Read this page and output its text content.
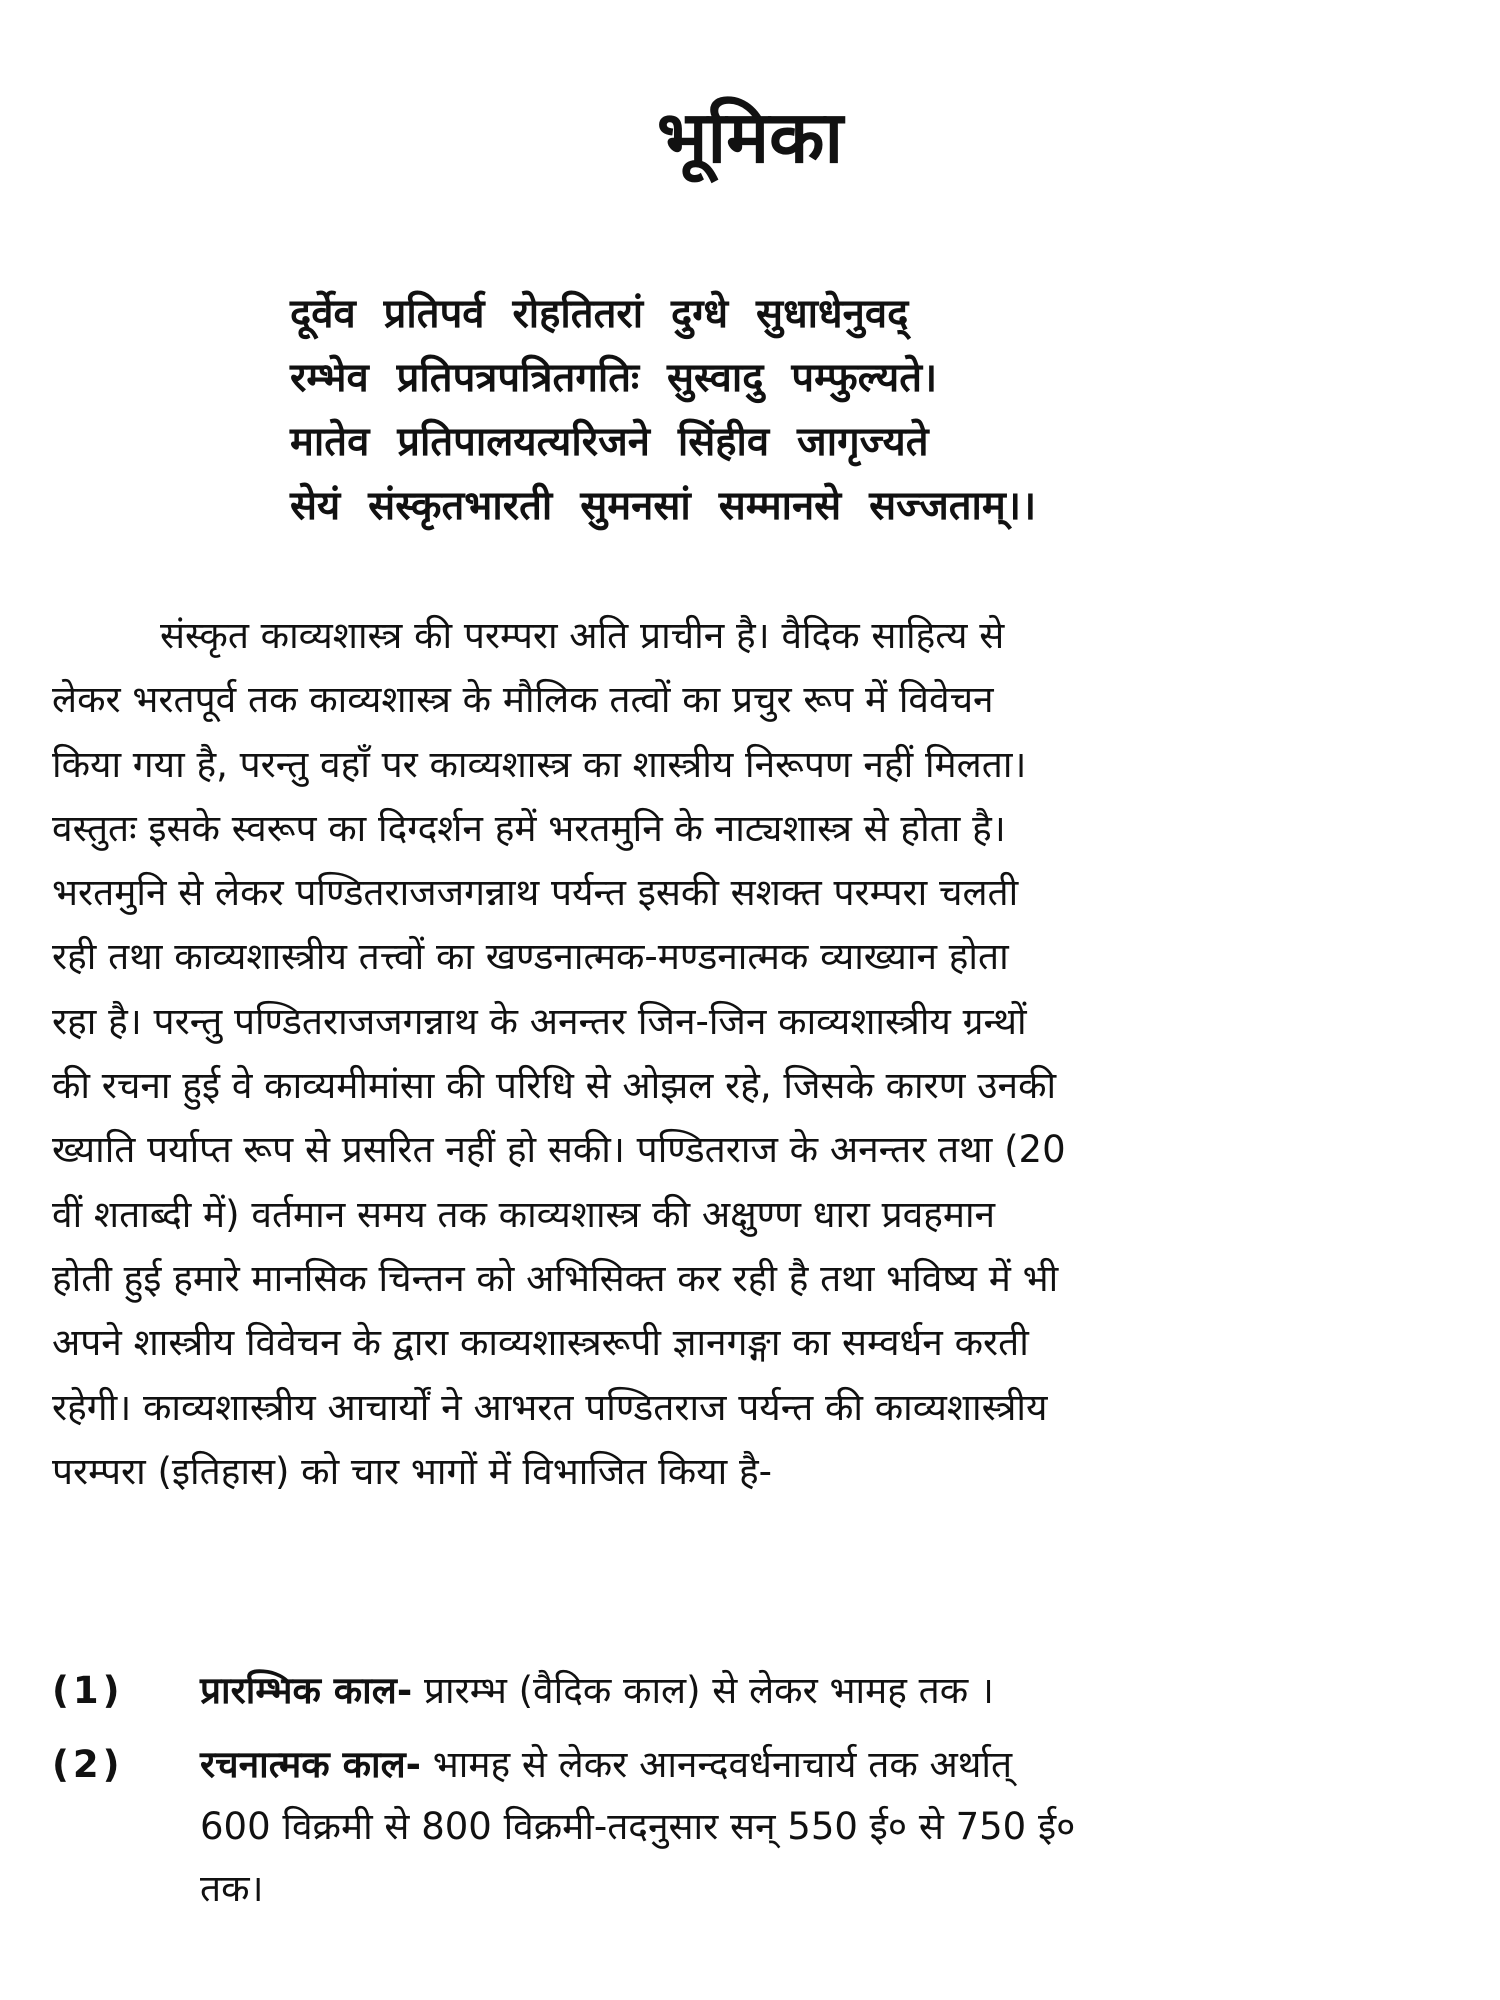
भूमिका
दूर्वेव प्रतिपर्व रोहतितरां दुग्धे सुधाधेनुवद्
रम्भेव प्रतिपत्रपत्रितगतिः सुस्वादु पम्फुल्यते।
मातेव प्रतिपालयत्यरिजने सिंहीव जागृज्यते
सेयं संस्कृतभारती सुमनसां सम्मानसे सज्जताम्।।
संस्कृत काव्यशास्त्र की परम्परा अति प्राचीन है। वैदिक साहित्य से
लेकर भरतपूर्व तक काव्यशास्त्र के मौलिक तत्वों का प्रचुर रूप में विवेचन
किया गया है, परन्तु वहाँ पर काव्यशास्त्र का शास्त्रीय निरूपण नहीं मिलता।
वस्तुतः इसके स्वरूप का दिग्दर्शन हमें भरतमुनि के नाट्यशास्त्र से होता है।
भरतमुनि से लेकर पण्डितराजजगन्नाथ पर्यन्त इसकी सशक्त परम्परा चलती
रही तथा काव्यशास्त्रीय तत्त्वों का खण्डनात्मक-मण्डनात्मक व्याख्यान होता
रहा है। परन्तु पण्डितराजजगन्नाथ के अनन्तर जिन-जिन काव्यशास्त्रीय ग्रन्थों
की रचना हुई वे काव्यमीमांसा की परिधि से ओझल रहे, जिसके कारण उनकी
ख्याति पर्याप्त रूप से प्रसरित नहीं हो सकी। पण्डितराज के अनन्तर तथा (20
वीं शताब्दी में) वर्तमान समय तक काव्यशास्त्र की अक्षुण्ण धारा प्रवहमान
होती हुई हमारे मानसिक चिन्तन को अभिसिक्त कर रही है तथा भविष्य में भी
अपने शास्त्रीय विवेचन के द्वारा काव्यशास्त्ररूपी ज्ञानगङ्गा का सम्वर्धन करती
रहेगी। काव्यशास्त्रीय आचार्यों ने आभरत पण्डितराज पर्यन्त की काव्यशास्त्रीय
परम्परा (इतिहास) को चार भागों में विभाजित किया है-
(1) प्रारम्भिक काल- प्रारम्भ (वैदिक काल) से लेकर भामह तक ।
(2) रचनात्मक काल- भामह से लेकर आनन्दवर्धनाचार्य तक अर्थात्
600 विक्रमी से 800 विक्रमी-तदनुसार सन् 550 ई० से 750 ई०
तक।
